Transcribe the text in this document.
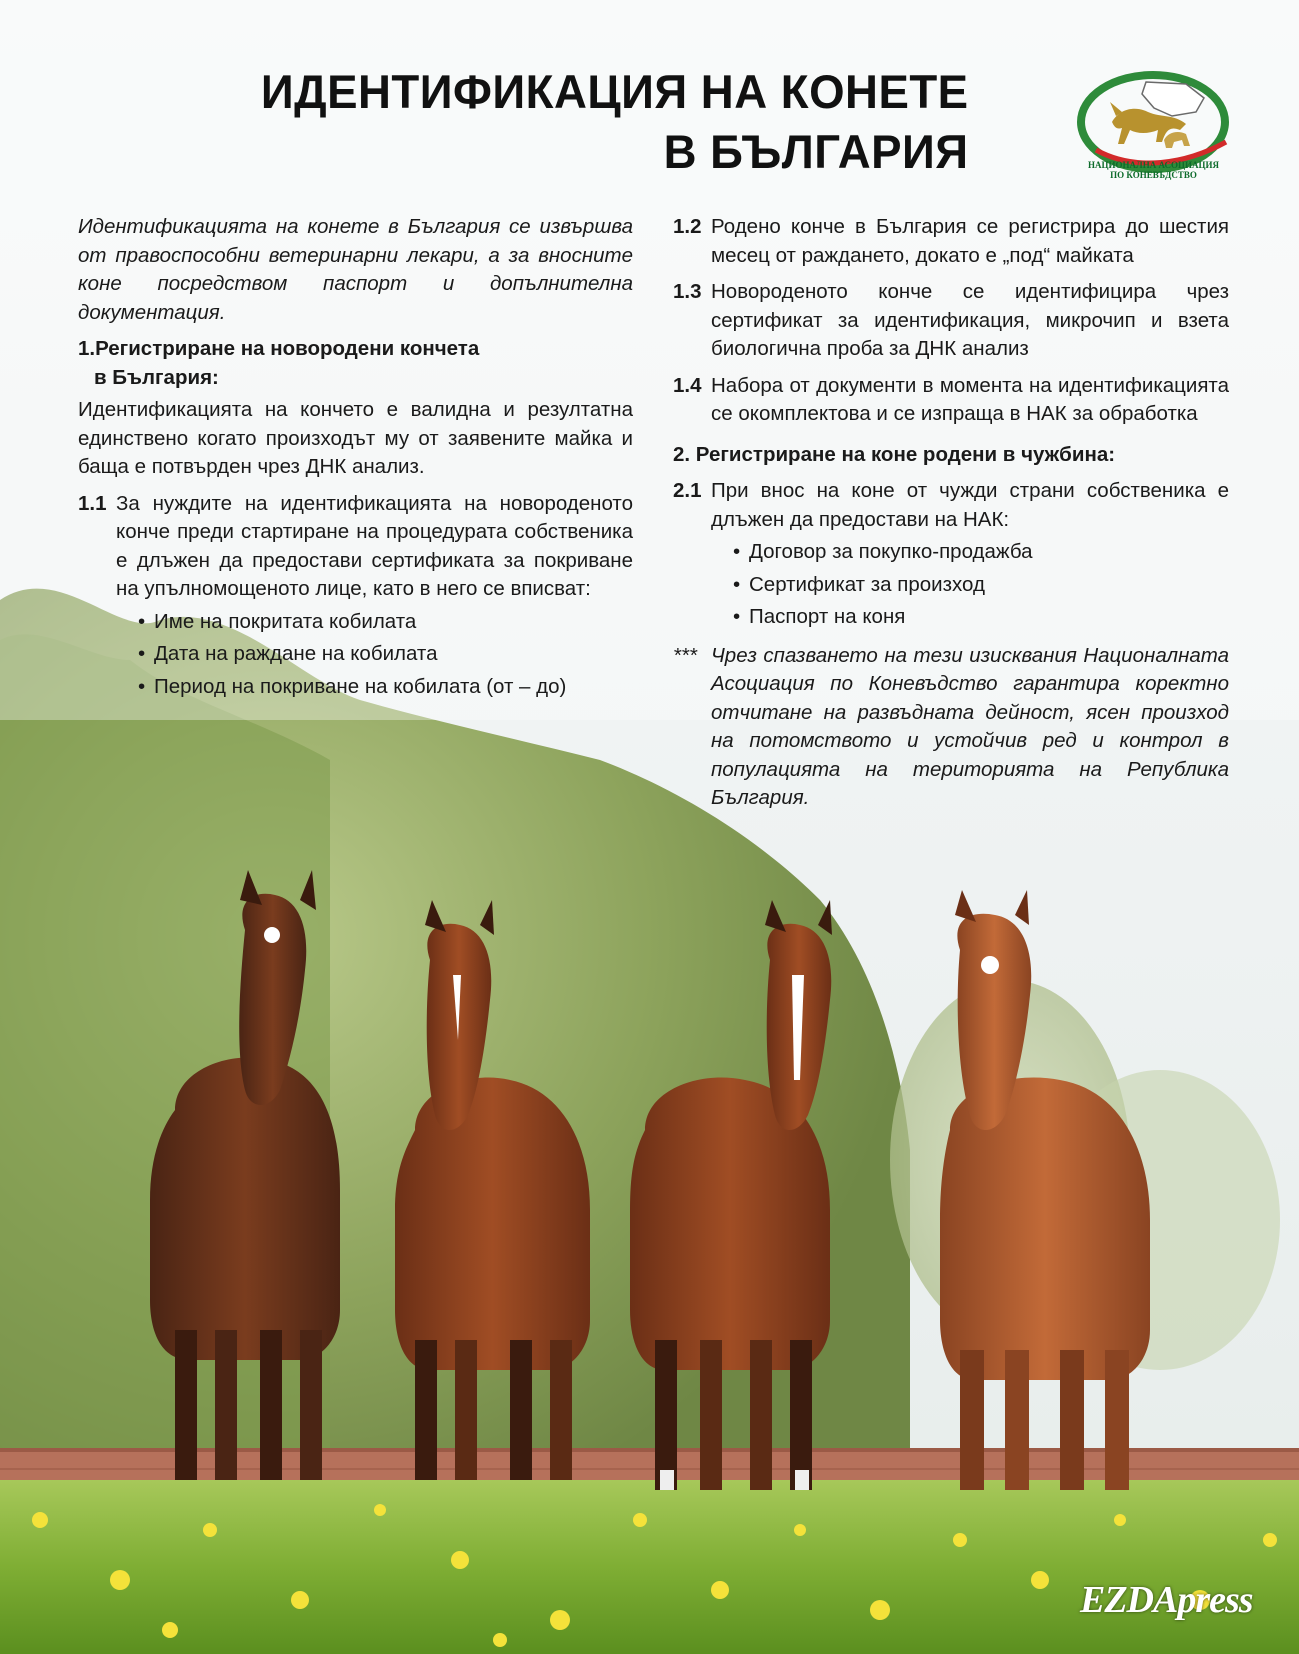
ИДЕНТИФИКАЦИЯ НА КОНЕТЕ
В БЪЛГАРИЯ	НАЦИОНАЛНА АСОЦИАЦИЯ
ПО КОНЕВЪДСТВО

Идентификацията на конете в България се извършва от правоспособни ветеринарни лекари, а за вносните коне посредством паспорт и допълнителна документация.

1.Регистриране на новородени кончета
в България:

Идентификацията на кончето е валидна и резултатна единствено когато произходът му от заявените майка и баща е потвърден чрез ДНК анализ.

1.1 За нуждите на идентификацията на новороденото конче преди стартиране на процедурата собственика е длъжен да предостави сертификата за покриване на упълномощеното лице, като в него се вписват:

• Име на покритата кобилата
• Дата на раждане на кобилата
• Период на покриване на кобилата (от – до)
1.2 Родено конче в България се регистрира до шестия месец от раждането, докато е „под“ майката

1.3 Новороденото конче се идентифицира чрез сертификат за идентификация, микрочип и взета биологична проба за ДНК анализ

1.4 Набора от документи в момента на идентификацията се окомплектова и се изпраща в НАК за обработка

2. Регистриране на коне родени в чужбина:
2.1 При внос на коне от чужди страни собственика е длъжен да предостави на НАК:

• Договор за покупко-продажба
• Сертификат за произход
• Паспорт на коня
*** Чрез спазването на тези изисквания Националната Асоциация по Коневъдство гарантира коректно отчитане на развъдната дейност, ясен произход на потомството и устойчив ред и контрол в популацията на територията на Република България.

EZDApress
